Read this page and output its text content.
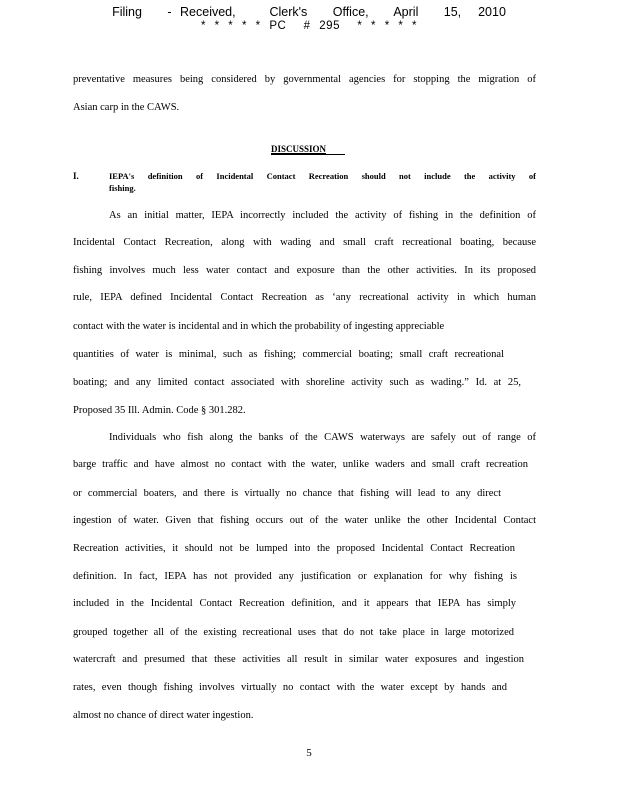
Filing   - Received,    Clerk's   Office,   April   15,  2010
* * * * * PC  # 295  * * * * *
preventative measures being considered by governmental agencies for stopping the migration of
Asian carp in the CAWS.
DISCUSSION
I.	IEPA's definition of Incidental Contact Recreation should not include the activity of
fishing.
As an initial matter, IEPA incorrectly included the activity of fishing in the definition of
Incidental Contact Recreation, along with wading and small craft recreational boating, because
fishing involves much less water contact and exposure than the other activities. In its proposed
rule, IEPA defined Incidental Contact Recreation as ‘any recreational activity in which human
contact with the water is incidental and in which the probability of ingesting appreciable
quantities of water is minimal, such as fishing; commercial boating; small craft recreational
boating; and any limited contact associated with shoreline activity such as wading.” Id. at 25,
Proposed 35 Ill. Admin. Code § 301.282.
Individuals who fish along the banks of the CAWS waterways are safely out of range of
barge traffic and have almost no contact with the water, unlike waders and small craft recreation
or commercial boaters, and there is virtually no chance that fishing will lead to any direct
ingestion of water. Given that fishing occurs out of the water unlike the other Incidental Contact
Recreation activities, it should not be lumped into the proposed Incidental Contact Recreation
definition. In fact, IEPA has not provided any justification or explanation for why fishing is
included in the Incidental Contact Recreation definition, and it appears that IEPA has simply
grouped together all of the existing recreational uses that do not take place in large motorized
watercraft and presumed that these activities all result in similar water exposures and ingestion
rates, even though fishing involves virtually no contact with the water except by hands and
almost no chance of direct water ingestion.
5
